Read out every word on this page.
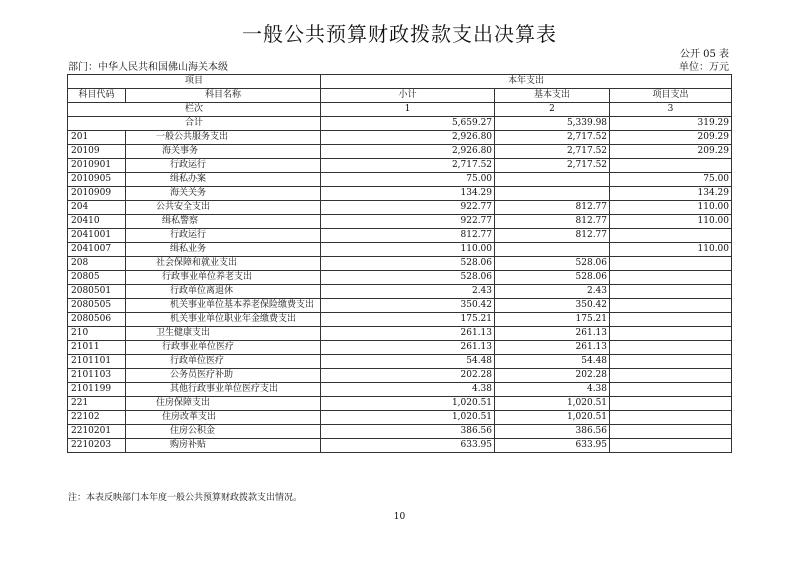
一般公共预算财政拨款支出决算表
公开 05 表
部门：中华人民共和国佛山海关本级	单位：万元
项目		本年支出		
科目代码	科目名称	小计	基本支出	项目支出
栏次		1	2	3
合计		5,659.27	5,339.98	319.29
201	一般公共服务支出	2,926.80	2,717.52	209.29
20109	海关事务	2,926.80	2,717.52	209.29
2010901	行政运行	2,717.52	2,717.52	
2010905	缉私办案	75.00		75.00
2010909	海关关务	134.29		134.29
204	公共安全支出	922.77	812.77	110.00
20410	缉私警察	922.77	812.77	110.00
2041001	行政运行	812.77	812.77	
2041007	缉私业务	110.00		110.00
208	社会保障和就业支出	528.06	528.06	
20805	行政事业单位养老支出	528.06	528.06	
2080501	行政单位离退休	2.43	2.43	
2080505	机关事业单位基本养老保险缴费支出	350.42	350.42	
2080506	机关事业单位职业年金缴费支出	175.21	175.21	
210	卫生健康支出	261.13	261.13	
21011	行政事业单位医疗	261.13	261.13	
2101101	行政单位医疗	54.48	54.48	
2101103	公务员医疗补助	202.28	202.28	
2101199	其他行政事业单位医疗支出	4.38	4.38	
221	住房保障支出	1,020.51	1,020.51	
22102	住房改革支出	1,020.51	1,020.51	
2210201	住房公积金	386.56	386.56	
2210203	购房补贴	633.95	633.95	
注：本表反映部门本年度一般公共预算财政拨款支出情况。
10
